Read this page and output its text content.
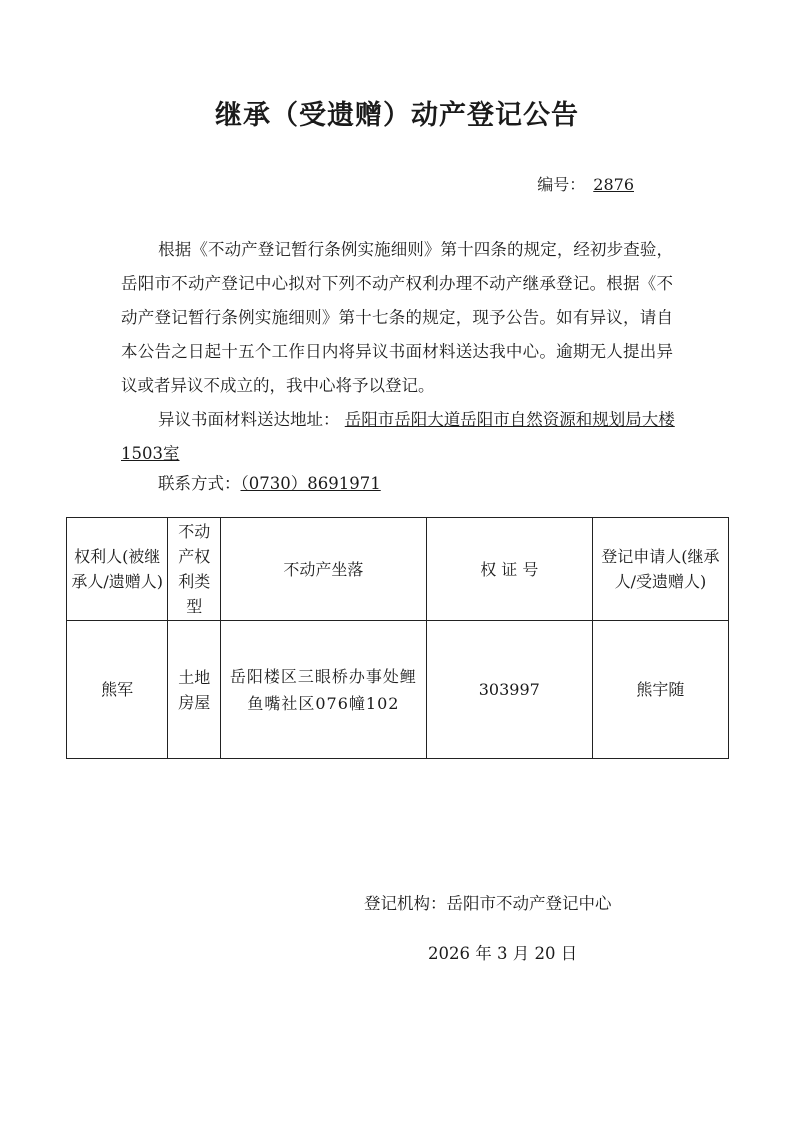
继承（受遗赠）动产登记公告
编号： 2876

根据《不动产登记暂行条例实施细则》第十四条的规定，经初步查验，岳阳市不动产登记中心拟对下列不动产权利办理不动产继承登记。根据《不动产登记暂行条例实施细则》第十七条的规定，现予公告。如有异议，请自本公告之日起十五个工作日内将异议书面材料送达我中心。逾期无人提出异议或者异议不成立的，我中心将予以登记。

异议书面材料送达地址： 岳阳市岳阳大道岳阳市自然资源和规划局大楼1503室
联系方式：（0730）8691971
权利人(被继承人/遗赠人)	不动产权利类型	不动产坐落	权 证 号	登记申请人(继承人/受遗赠人)
熊军	土地房屋	岳阳楼区三眼桥办事处鲤鱼嘴社区076幢102	303997	熊宇随
登记机构：岳阳市不动产登记中心
2026 年 3 月 20 日
